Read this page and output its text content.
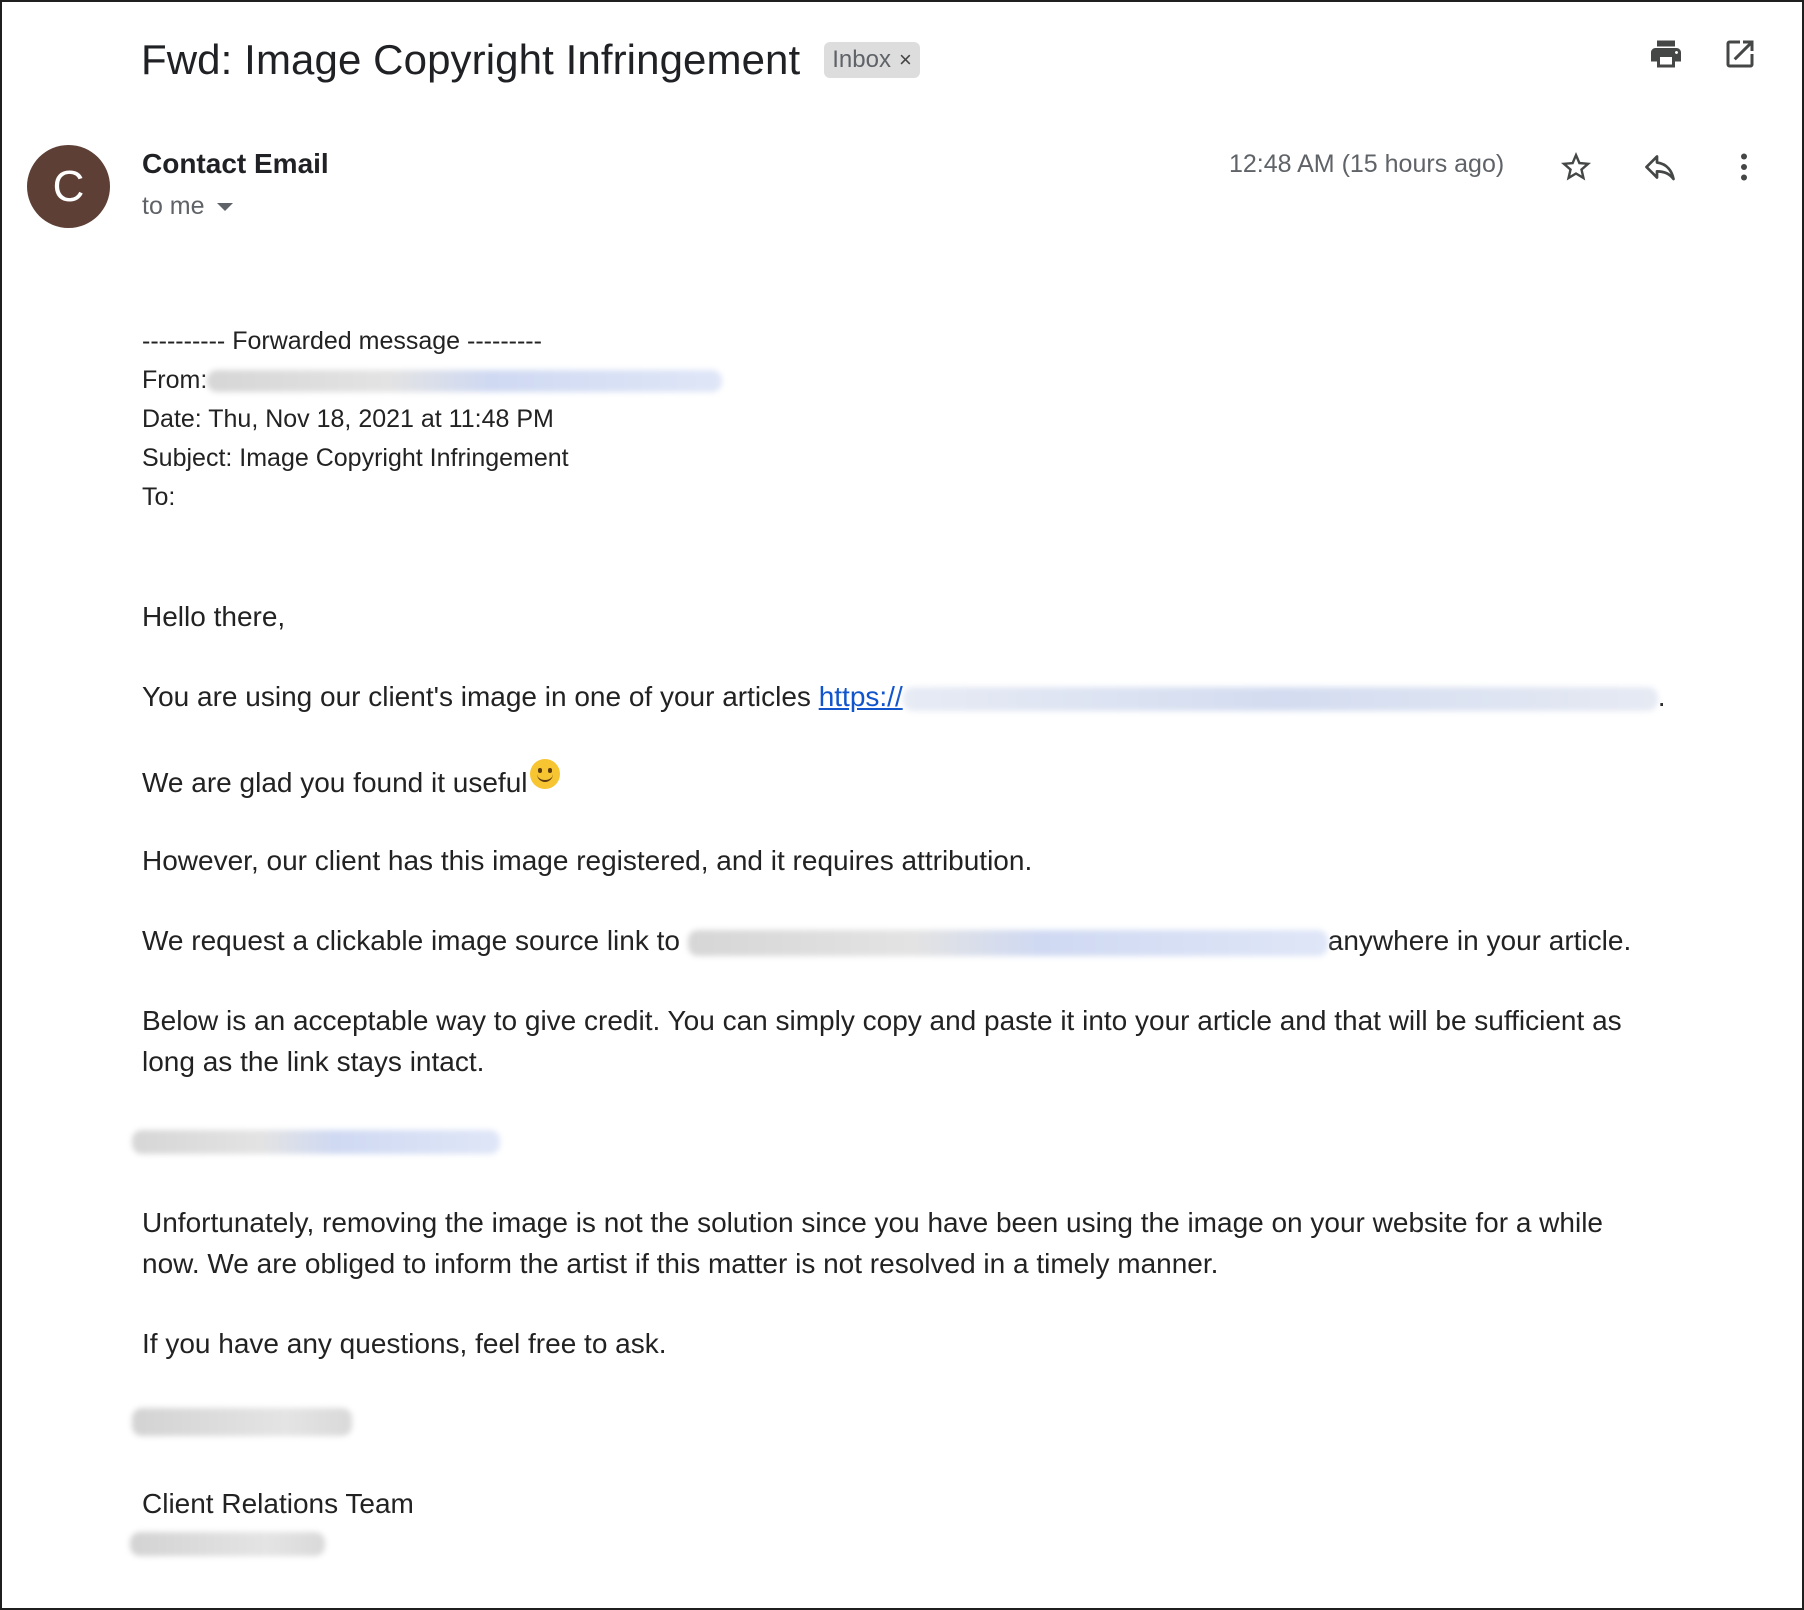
Fwd: Image Copyright Infringement Inbox ×
C	Contact Email
to me
12:48 AM (15 hours ago)
---------- Forwarded message ---------
From:
Date: Thu, Nov 18, 2021 at 11:48 PM
Subject: Image Copyright Infringement
To:
Hello there,
You are using our client's image in one of your articles https://	.
We are glad you found it useful
However, our client has this image registered, and it requires attribution.
We request a clickable image source link to	anywhere in your article.
Below is an acceptable way to give credit. You can simply copy and paste it into your article and that will be sufficient as
long as the link stays intact.
Unfortunately, removing the image is not the solution since you have been using the image on your website for a while
now. We are obliged to inform the artist if this matter is not resolved in a timely manner.
If you have any questions, feel free to ask.
Client Relations Team
